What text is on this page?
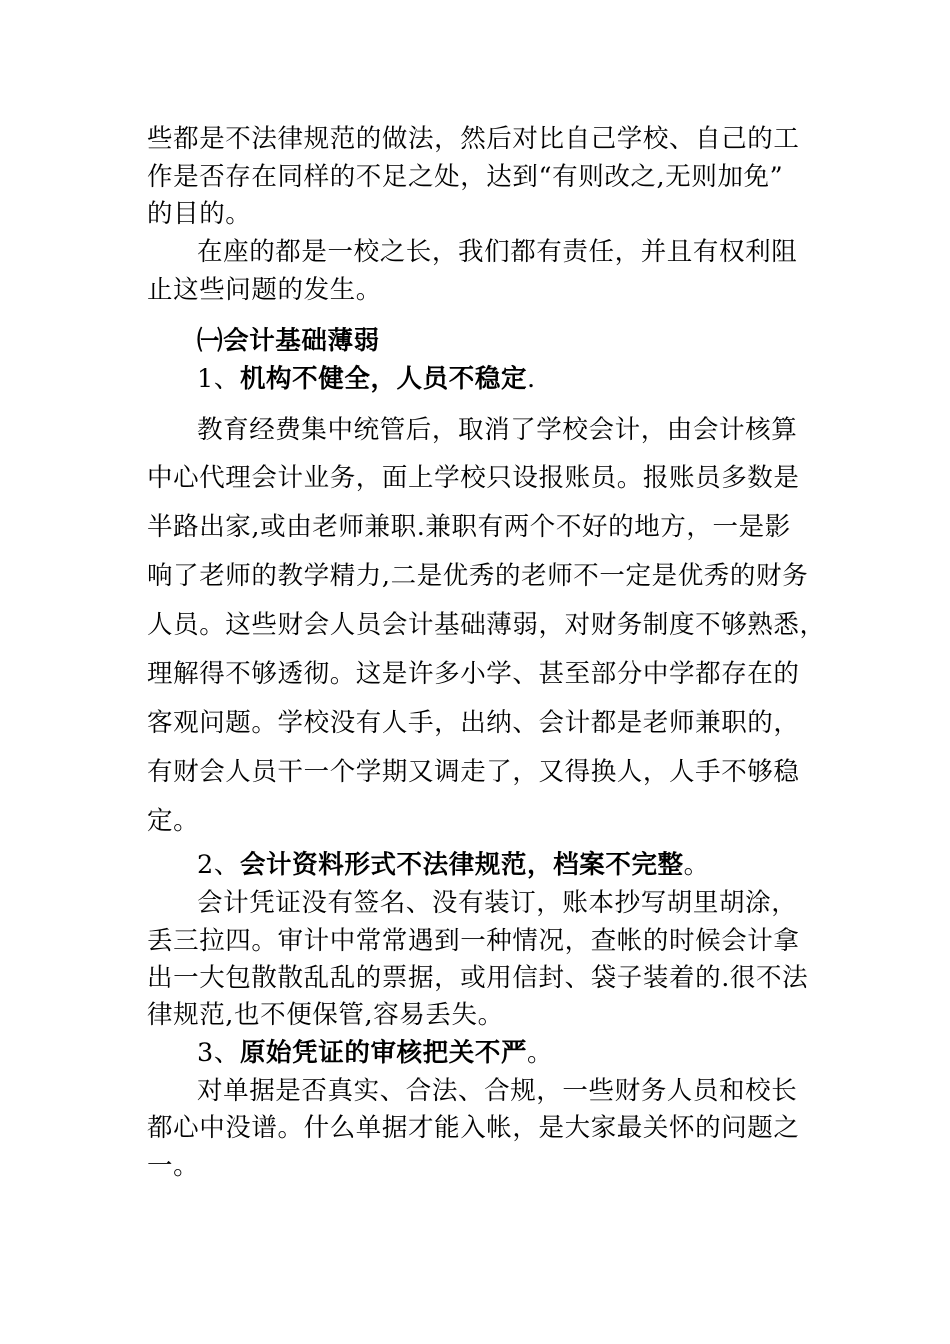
些都是不法律规范的做法，然后对比自己学校、自己的工
作是否存在同样的不足之处，达到“有则改之,无则加免”
的目的。
在座的都是一校之长，我们都有责任，并且有权利阻
止这些问题的发生。
㈠会计基础薄弱
1、机构不健全，人员不稳定.
教育经费集中统管后，取消了学校会计，由会计核算
中心代理会计业务，面上学校只设报账员。报账员多数是
半路出家,或由老师兼职.兼职有两个不好的地方，一是影
响了老师的教学精力,二是优秀的老师不一定是优秀的财务
人员。这些财会人员会计基础薄弱，对财务制度不够熟悉，
理解得不够透彻。这是许多小学、甚至部分中学都存在的
客观问题。学校没有人手，出纳、会计都是老师兼职的，
有财会人员干一个学期又调走了，又得换人，人手不够稳
定。
2、会计资料形式不法律规范，档案不完整。
会计凭证没有签名、没有装订，账本抄写胡里胡涂，
丢三拉四。审计中常常遇到一种情况，查帐的时候会计拿
出一大包散散乱乱的票据，或用信封、袋子装着的.很不法
律规范,也不便保管,容易丢失。
3、原始凭证的审核把关不严。
对单据是否真实、合法、合规，一些财务人员和校长
都心中没谱。什么单据才能入帐，是大家最关怀的问题之
一。
